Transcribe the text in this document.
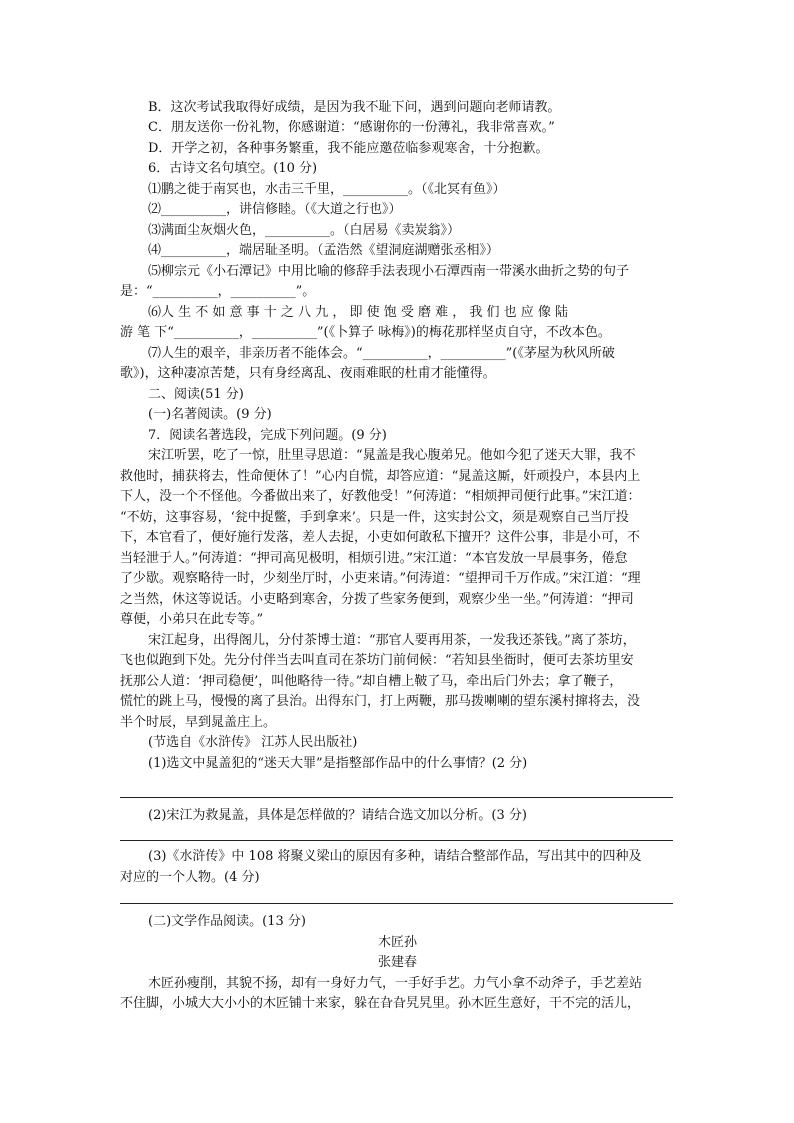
B．这次考试我取得好成绩，是因为我不耻下问，遇到问题向老师请教。
C．朋友送你一份礼物，你感谢道：“感谢你的一份薄礼，我非常喜欢。”
D．开学之初，各种事务繁重，我不能应邀莅临参观寒舍，十分抱歉。
6．古诗文名句填空。(10 分)
⑴鹏之徙于南冥也，水击三千里，__________。（《北冥有鱼》）
⑵__________，讲信修睦。（《大道之行也》）
⑶满面尘灰烟火色，__________。（白居易《卖炭翁》）
⑷__________，端居耻圣明。（孟浩然《望洞庭湖赠张丞相》）
⑸柳宗元《小石潭记》中用比喻的修辞手法表现小石潭西南一带溪水曲折之势的句子
是：“__________，__________”。
⑹人 生 不 如 意 事 十 之 八 九 ， 即 使 饱 受 磨 难 ， 我 们 也 应 像 陆
游 笔 下“__________，__________”(《卜算子 咏梅》)的梅花那样坚贞自守，不改本色。
⑺人生的艰辛，非亲历者不能体会。“__________，__________”(《茅屋为秋风所破
歌》)，这种凄凉苦楚，只有身经离乱、夜雨难眠的杜甫才能懂得。
二、阅读(51 分)
(一)名著阅读。(9 分)
7．阅读名著选段，完成下列问题。(9 分)
宋江听罢，吃了一惊，肚里寻思道：“晁盖是我心腹弟兄。他如今犯了迷天大罪，我不
救他时，捕获将去，性命便休了！”心内自慌，却答应道：“晁盖这厮，奸顽投户，本县内上
下人，没一个不怪他。今番做出来了，好教他受！”何涛道：“相烦押司便行此事。”宋江道：
“不妨，这事容易，‘瓮中捉鳖，手到拿来’。只是一件，这实封公文，须是观察自己当厅投
下，本官看了，便好施行发落，差人去捉，小吏如何敢私下擅开？这件公事，非是小可，不
当轻泄于人。”何涛道：“押司高见极明，相烦引进。”宋江道：“本官发放一早晨事务，倦怠
了少歇。观察略待一时，少刻坐厅时，小吏来请。”何涛道：“望押司千万作成。”宋江道：“理
之当然，休这等说话。小吏略到寒舍，分拨了些家务便到，观察少坐一坐。”何涛道：“押司
尊便，小弟只在此专等。”
宋江起身，出得阁儿，分付茶博士道：“那官人要再用茶，一发我还茶钱。”离了茶坊，
飞也似跑到下处。先分付伴当去叫直司在茶坊门前伺候：“若知县坐衙时，便可去茶坊里安
抚那公人道：‘押司稳便’，叫他略待一待。”却自槽上鞁了马，牵出后门外去；拿了鞭子，
慌忙的跳上马，慢慢的离了县治。出得东门，打上两鞭，那马拨喇喇的望东溪村撺将去，没
半个时辰，早到晁盖庄上。
(节选自《水浒传》 江苏人民出版社)
(1)选文中晁盖犯的“迷天大罪”是指整部作品中的什么事情？(2 分)
(2)宋江为救晁盖，具体是怎样做的？请结合选文加以分析。(3 分)
(3)《水浒传》中 108 将聚义梁山的原因有多种，请结合整部作品，写出其中的四种及
对应的一个人物。(4 分)
(二)文学作品阅读。(13 分)
木匠孙
张建春
木匠孙瘦削，其貌不扬，却有一身好力气，一手好手艺。力气小拿不动斧子，手艺差站
不住脚，小城大大小小的木匠铺十来家，躲在旮旮旯旯里。孙木匠生意好，干不完的活儿，
